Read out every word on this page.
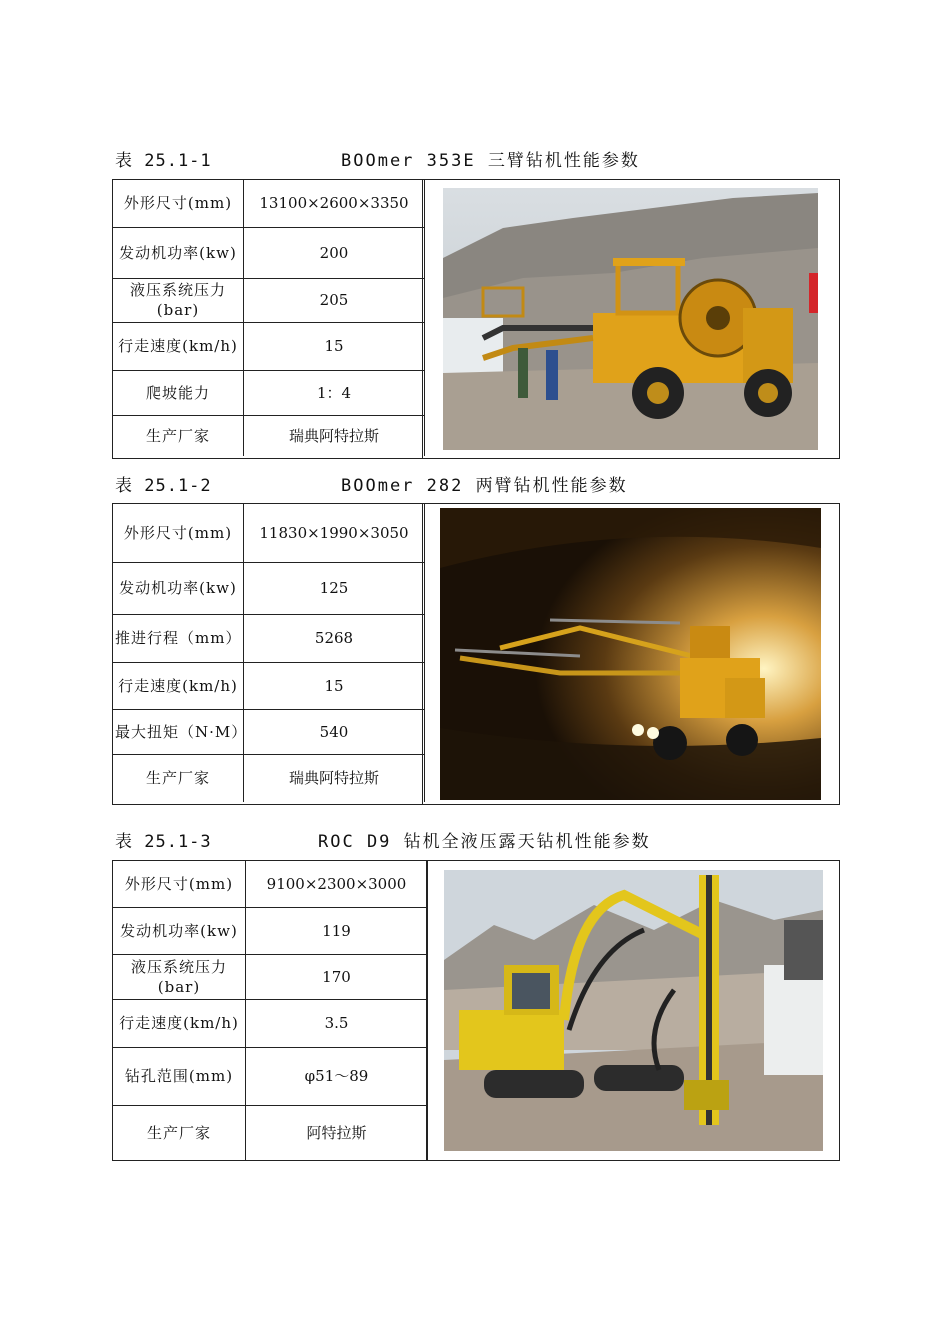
表 25.1-1	BOOmer 353E 三臂钻机性能参数
外形尺寸(mm)	13100×2600×3350
发动机功率(kw)	200
液压系统压力(bar)	205
行走速度(km/h)	15
爬坡能力	1：4
生产厂家	瑞典阿特拉斯
表 25.1-2	BOOmer 282 两臂钻机性能参数
外形尺寸(mm)	11830×1990×3050
发动机功率(kw)	125
推进行程（mm）	5268
行走速度(km/h)	15
最大扭矩（N·M）	540
生产厂家	瑞典阿特拉斯
表 25.1-3	ROC D9 钻机全液压露天钻机性能参数
外形尺寸(mm)	9100×2300×3000
发动机功率(kw)	119
液压系统压力(bar)	170
行走速度(km/h)	3.5
钻孔范围(mm)	φ51～89
生产厂家	阿特拉斯
